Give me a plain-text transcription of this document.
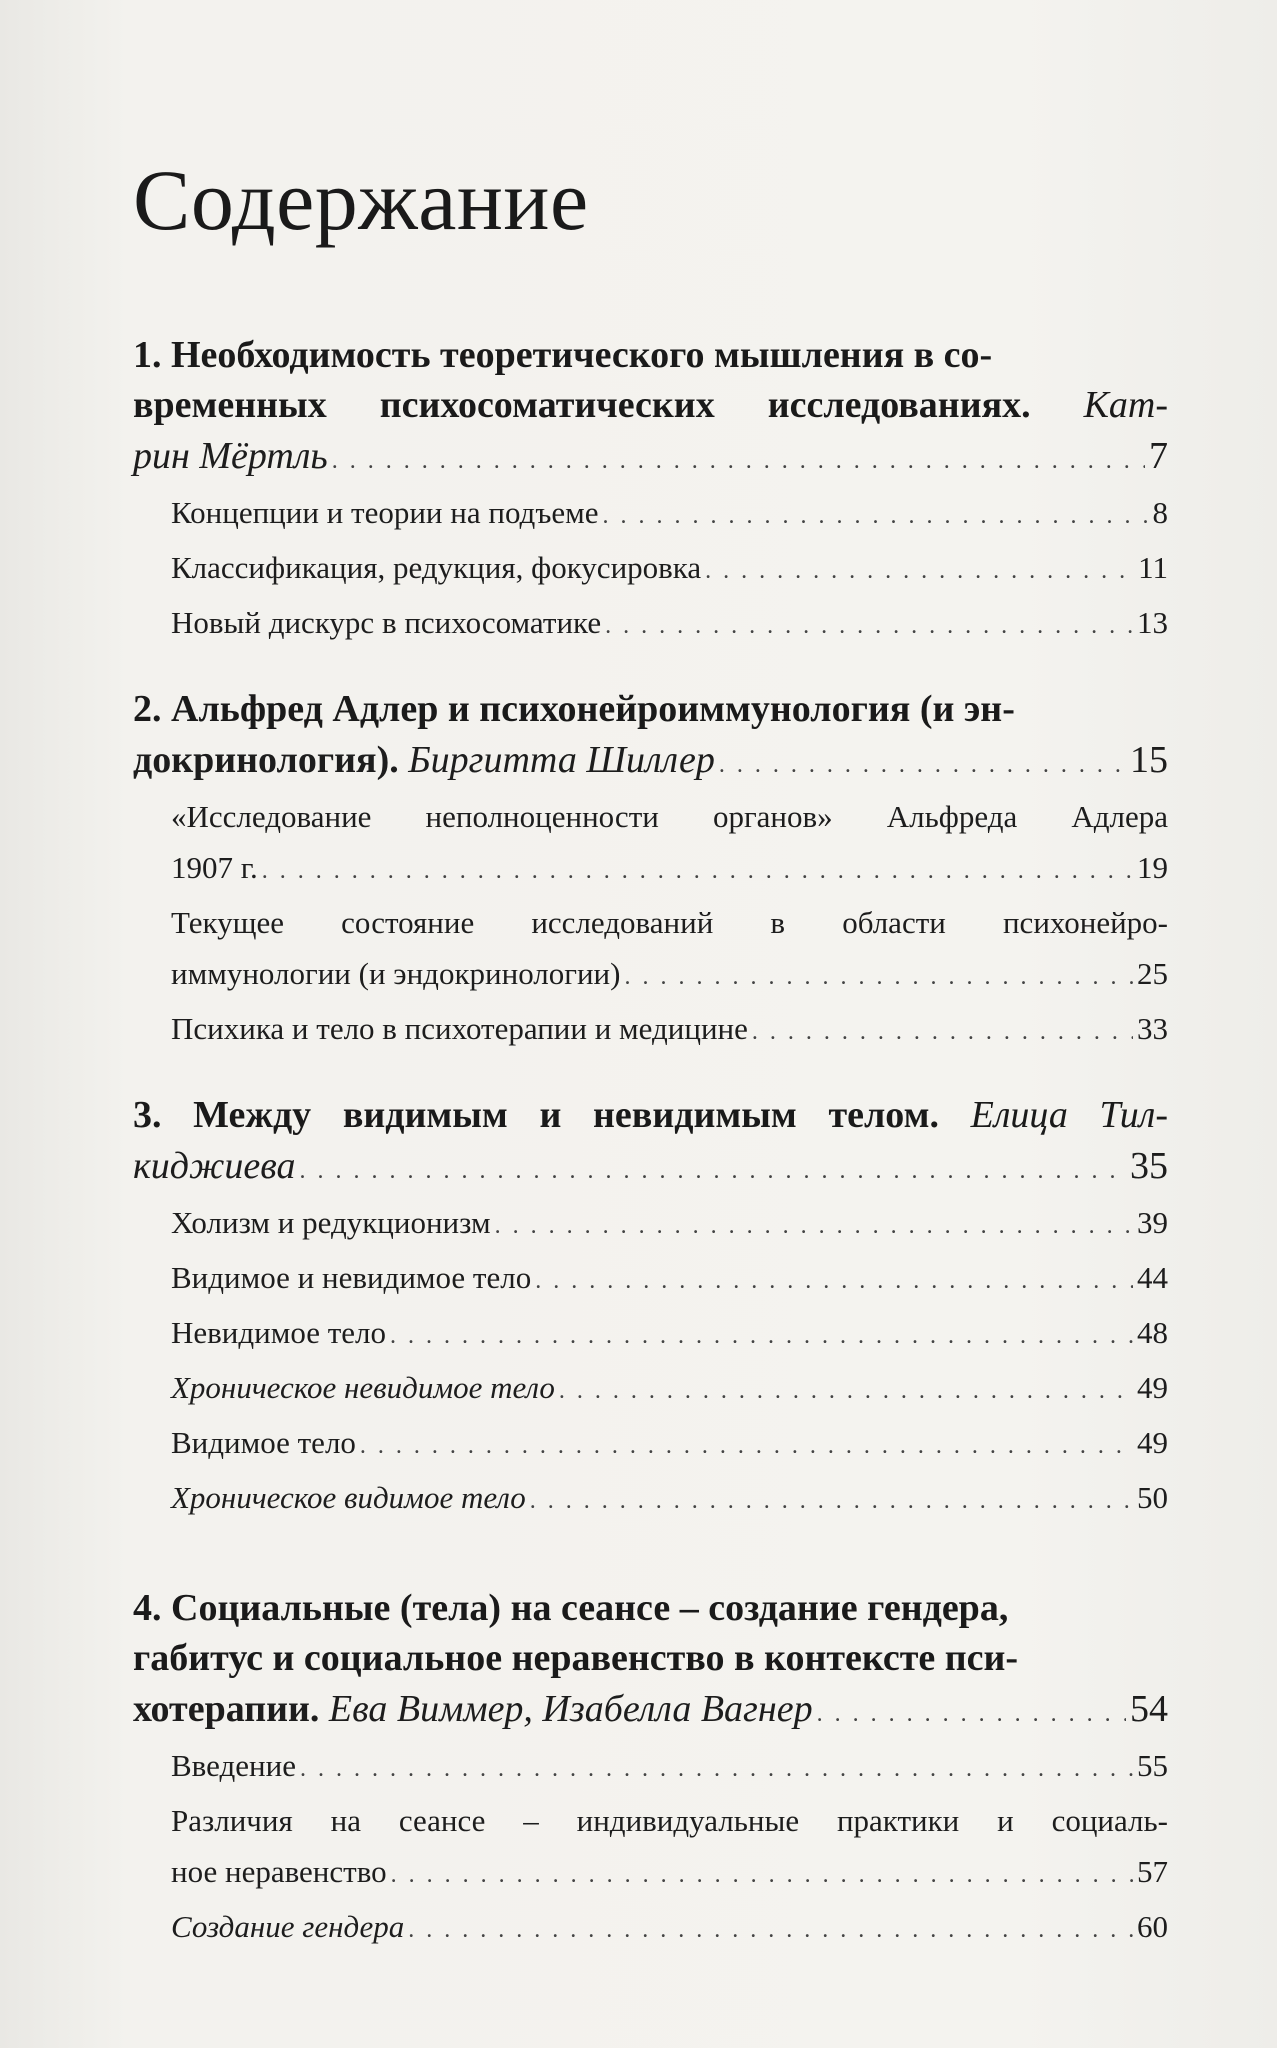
Содержание
1. Необходимость теоретического мышления в со-
временных психосоматических исследованиях. Кат-
рин Мёртль . . .	7
Концепции и теории на подъеме . . .	8
Классификация, редукция, фокусировка . . .	11
Новый дискурс в психосоматике . . .	13
2. Альфред Адлер и психонейроиммунология (и эн-
докринология). Биргитта Шиллер . . .	15
«Исследование неполноценности органов» Альфреда Адлера
1907 г. . . .	19
Текущее состояние исследований в области психонейро-
иммунологии (и эндокринологии) . . .	25
Психика и тело в психотерапии и медицине . . .	33
3. Между видимым и невидимым телом. Елица Тил-
киджиева . . .	35
Холизм и редукционизм . . .	39
Видимое и невидимое тело . . .	44
Невидимое тело . . .	48
Хроническое невидимое тело . . .	49
Видимое тело . . .	49
Хроническое видимое тело . . .	50
4. Социальные (тела) на сеансе – создание гендера,
габитус и социальное неравенство в контексте пси-
хотерапии. Ева Виммер, Изабелла Вагнер . . .	54
Введение . . .	55
Различия на сеансе – индивидуальные практики и социаль-
ное неравенство . . .	57
Создание гендера . . .	60
